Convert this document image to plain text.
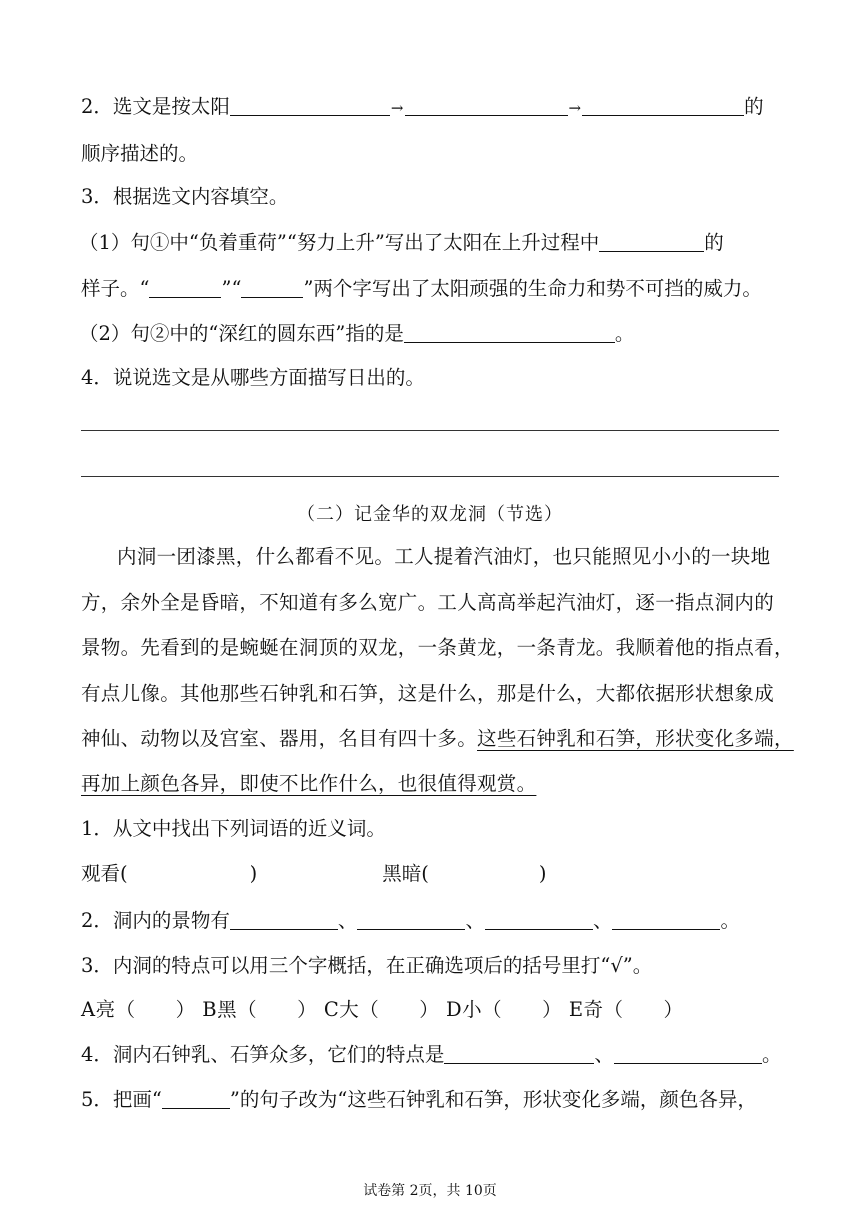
2．选文是按太阳	→	→	的
顺序描述的。
3．根据选文内容填空。
（1）句①中“负着重荷”“努力上升”写出了太阳在上升过程中	的
样子。“	”“	”两个字写出了太阳顽强的生命力和势不可挡的威力。
（2）句②中的“深红的圆东西”指的是	。
4．说说选文是从哪些方面描写日出的。
（二）记金华的双龙洞（节选）
内洞一团漆黑，什么都看不见。工人提着汽油灯，也只能照见小小的一块地
方，余外全是昏暗，不知道有多么宽广。工人高高举起汽油灯，逐一指点洞内的
景物。先看到的是蜿蜒在洞顶的双龙，一条黄龙，一条青龙。我顺着他的指点看，
有点儿像。其他那些石钟乳和石笋，这是什么，那是什么，大都依据形状想象成
神仙、动物以及宫室、器用，名目有四十多。这些石钟乳和石笋，形状变化多端，
再加上颜色各异，即使不比作什么，也很值得观赏。
1．从文中找出下列词语的近义词。
观看(	)	黑暗(	)
2．洞内的景物有	、	、	、	。
3．内洞的特点可以用三个字概括，在正确选项后的括号里打“√”。
A亮（　　） B黑（　　） C大（　　） D小（　　） E奇（　　）
4．洞内石钟乳、石笋众多，它们的特点是	、	。
5．把画“	”的句子改为“这些石钟乳和石笋，形状变化多端，颜色各异，
试卷第 2页，共 10页
